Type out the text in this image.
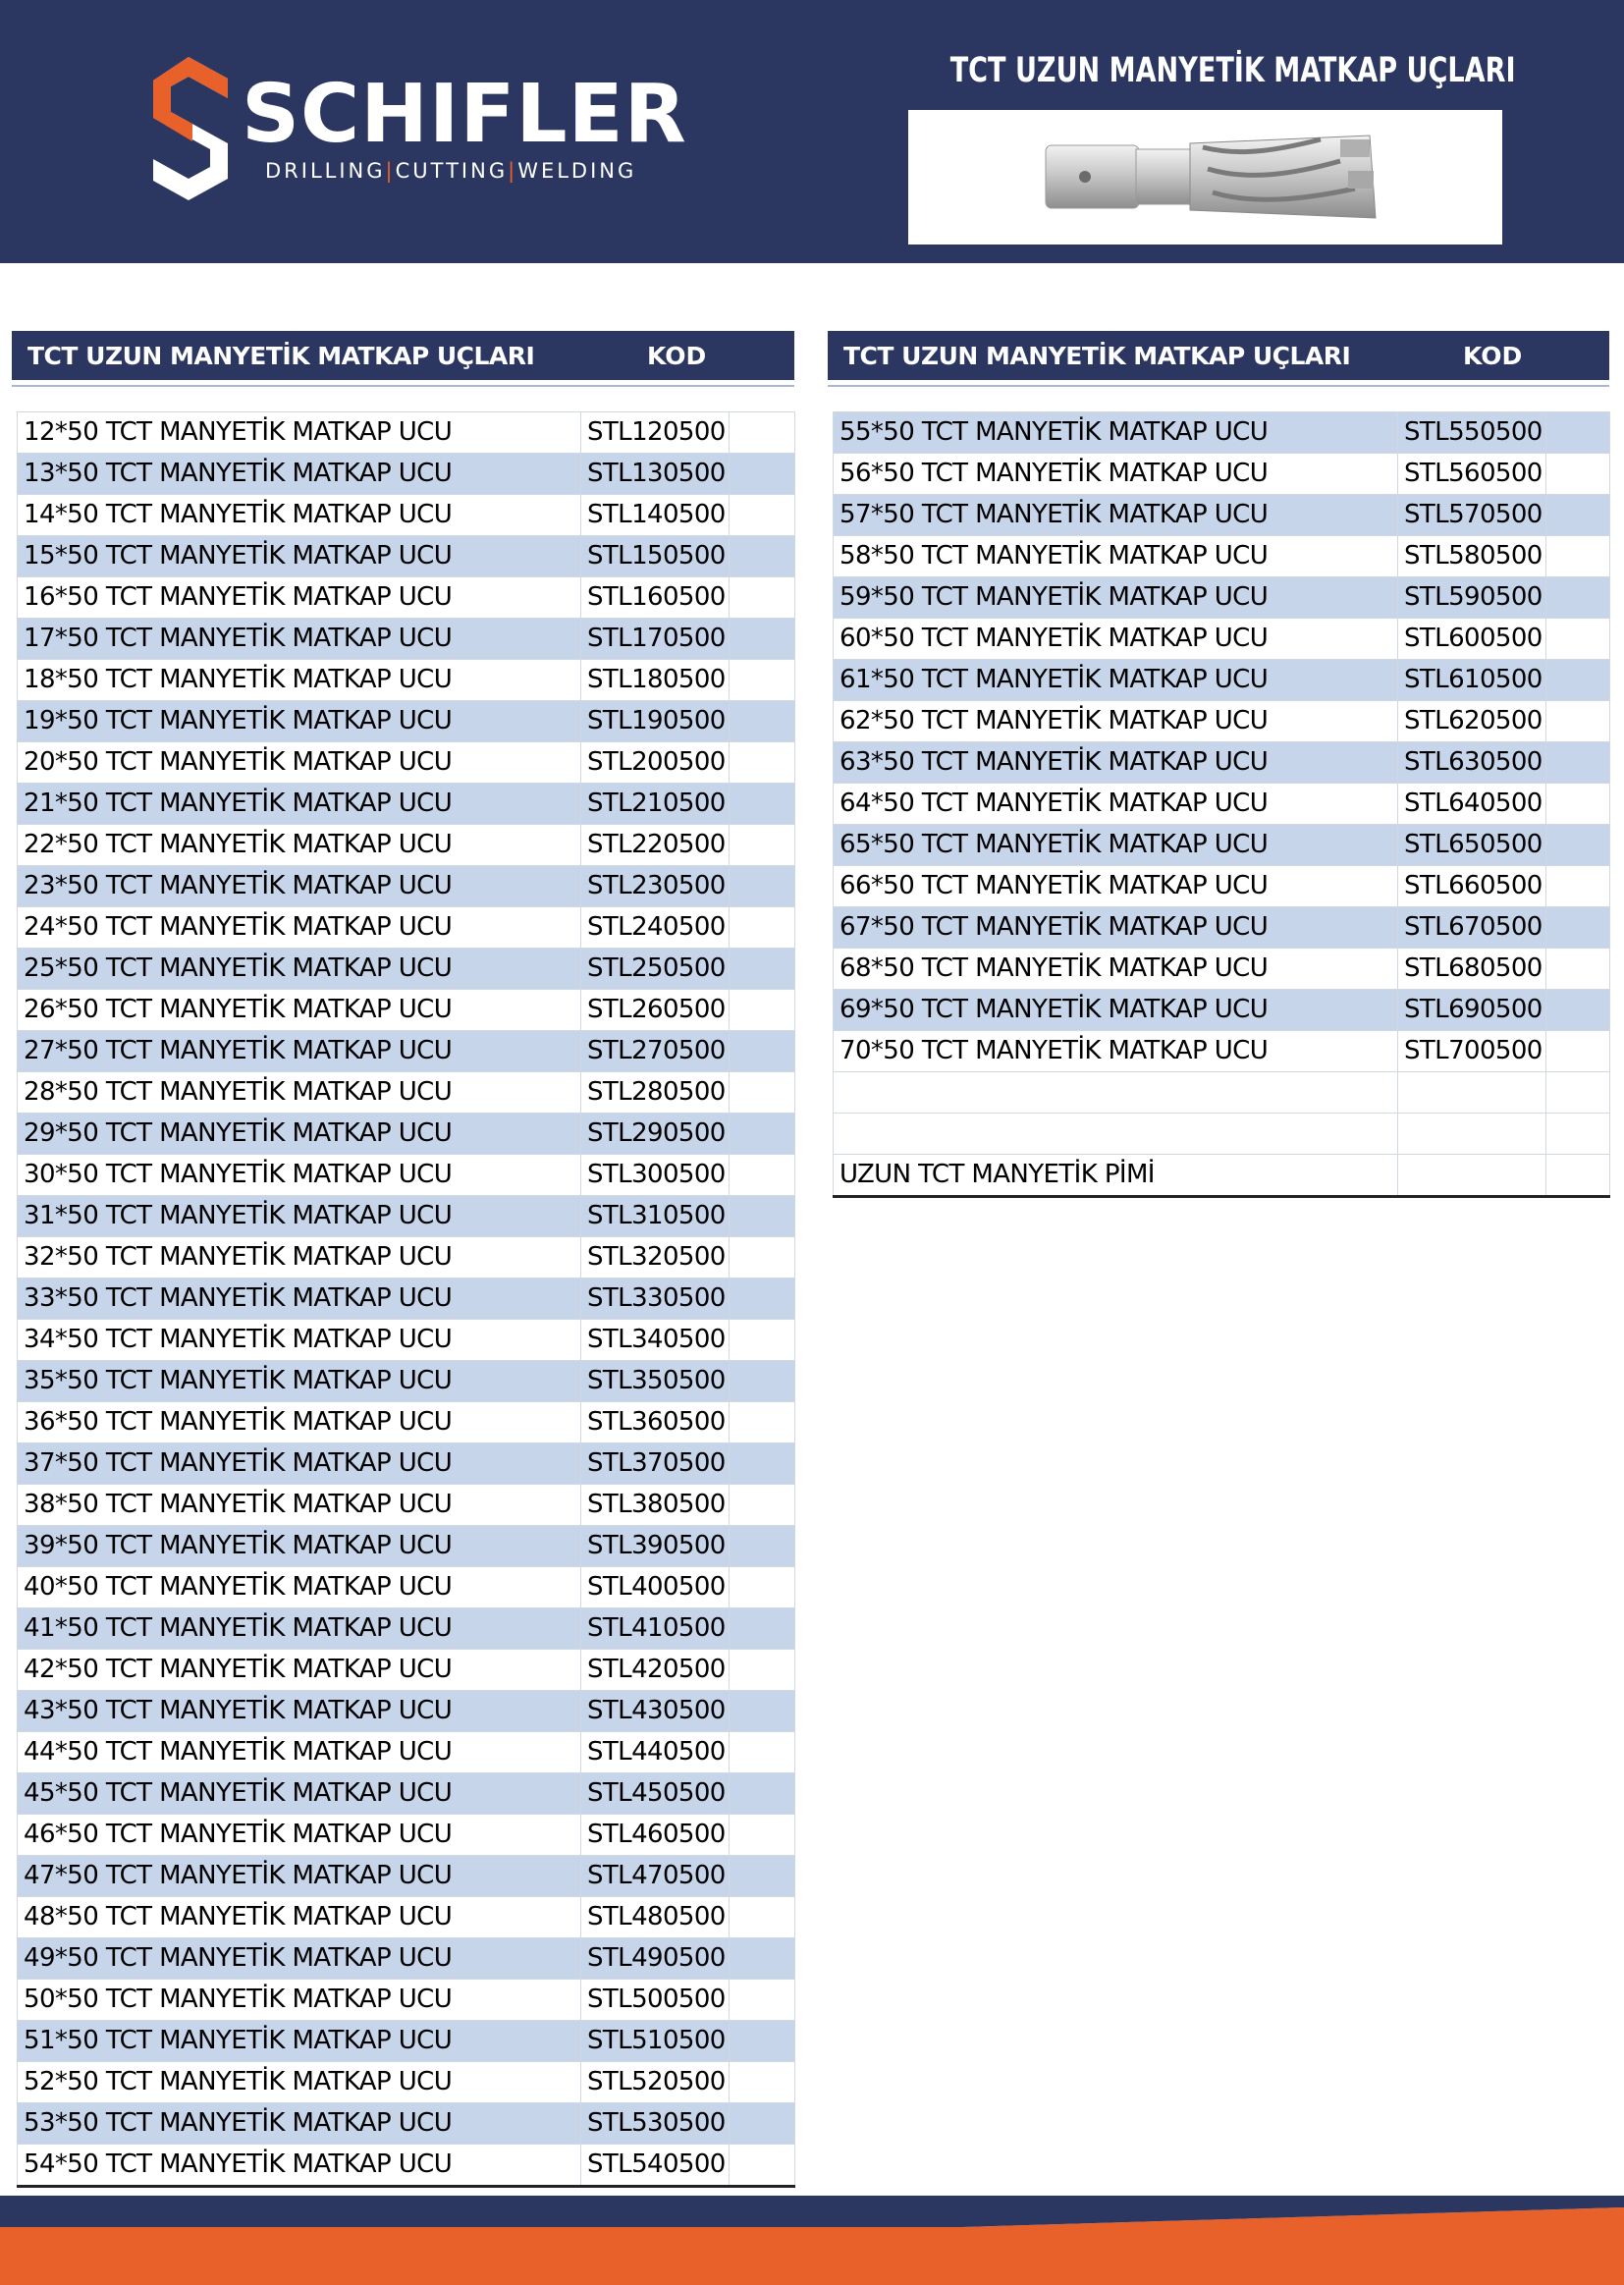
SCHIFLER
DRILLING|CUTTING|WELDING
TCT UZUN MANYETİK MATKAP UÇLARI
TCT UZUN MANYETİK MATKAP UÇLARI	KOD
12*50 TCT MANYETİK MATKAP UCU	STL120500	
13*50 TCT MANYETİK MATKAP UCU	STL130500	
14*50 TCT MANYETİK MATKAP UCU	STL140500	
15*50 TCT MANYETİK MATKAP UCU	STL150500	
16*50 TCT MANYETİK MATKAP UCU	STL160500	
17*50 TCT MANYETİK MATKAP UCU	STL170500	
18*50 TCT MANYETİK MATKAP UCU	STL180500	
19*50 TCT MANYETİK MATKAP UCU	STL190500	
20*50 TCT MANYETİK MATKAP UCU	STL200500	
21*50 TCT MANYETİK MATKAP UCU	STL210500	
22*50 TCT MANYETİK MATKAP UCU	STL220500	
23*50 TCT MANYETİK MATKAP UCU	STL230500	
24*50 TCT MANYETİK MATKAP UCU	STL240500	
25*50 TCT MANYETİK MATKAP UCU	STL250500	
26*50 TCT MANYETİK MATKAP UCU	STL260500	
27*50 TCT MANYETİK MATKAP UCU	STL270500	
28*50 TCT MANYETİK MATKAP UCU	STL280500	
29*50 TCT MANYETİK MATKAP UCU	STL290500	
30*50 TCT MANYETİK MATKAP UCU	STL300500	
31*50 TCT MANYETİK MATKAP UCU	STL310500	
32*50 TCT MANYETİK MATKAP UCU	STL320500	
33*50 TCT MANYETİK MATKAP UCU	STL330500	
34*50 TCT MANYETİK MATKAP UCU	STL340500	
35*50 TCT MANYETİK MATKAP UCU	STL350500	
36*50 TCT MANYETİK MATKAP UCU	STL360500	
37*50 TCT MANYETİK MATKAP UCU	STL370500	
38*50 TCT MANYETİK MATKAP UCU	STL380500	
39*50 TCT MANYETİK MATKAP UCU	STL390500	
40*50 TCT MANYETİK MATKAP UCU	STL400500	
41*50 TCT MANYETİK MATKAP UCU	STL410500	
42*50 TCT MANYETİK MATKAP UCU	STL420500	
43*50 TCT MANYETİK MATKAP UCU	STL430500	
44*50 TCT MANYETİK MATKAP UCU	STL440500	
45*50 TCT MANYETİK MATKAP UCU	STL450500	
46*50 TCT MANYETİK MATKAP UCU	STL460500	
47*50 TCT MANYETİK MATKAP UCU	STL470500	
48*50 TCT MANYETİK MATKAP UCU	STL480500	
49*50 TCT MANYETİK MATKAP UCU	STL490500	
50*50 TCT MANYETİK MATKAP UCU	STL500500	
51*50 TCT MANYETİK MATKAP UCU	STL510500	
52*50 TCT MANYETİK MATKAP UCU	STL520500	
53*50 TCT MANYETİK MATKAP UCU	STL530500	
54*50 TCT MANYETİK MATKAP UCU	STL540500	
TCT UZUN MANYETİK MATKAP UÇLARI	KOD
55*50 TCT MANYETİK MATKAP UCU	STL550500	
56*50 TCT MANYETİK MATKAP UCU	STL560500	
57*50 TCT MANYETİK MATKAP UCU	STL570500	
58*50 TCT MANYETİK MATKAP UCU	STL580500	
59*50 TCT MANYETİK MATKAP UCU	STL590500	
60*50 TCT MANYETİK MATKAP UCU	STL600500	
61*50 TCT MANYETİK MATKAP UCU	STL610500	
62*50 TCT MANYETİK MATKAP UCU	STL620500	
63*50 TCT MANYETİK MATKAP UCU	STL630500	
64*50 TCT MANYETİK MATKAP UCU	STL640500	
65*50 TCT MANYETİK MATKAP UCU	STL650500	
66*50 TCT MANYETİK MATKAP UCU	STL660500	
67*50 TCT MANYETİK MATKAP UCU	STL670500	
68*50 TCT MANYETİK MATKAP UCU	STL680500	
69*50 TCT MANYETİK MATKAP UCU	STL690500	
70*50 TCT MANYETİK MATKAP UCU	STL700500	

UZUN TCT MANYETİK PİMİ		
